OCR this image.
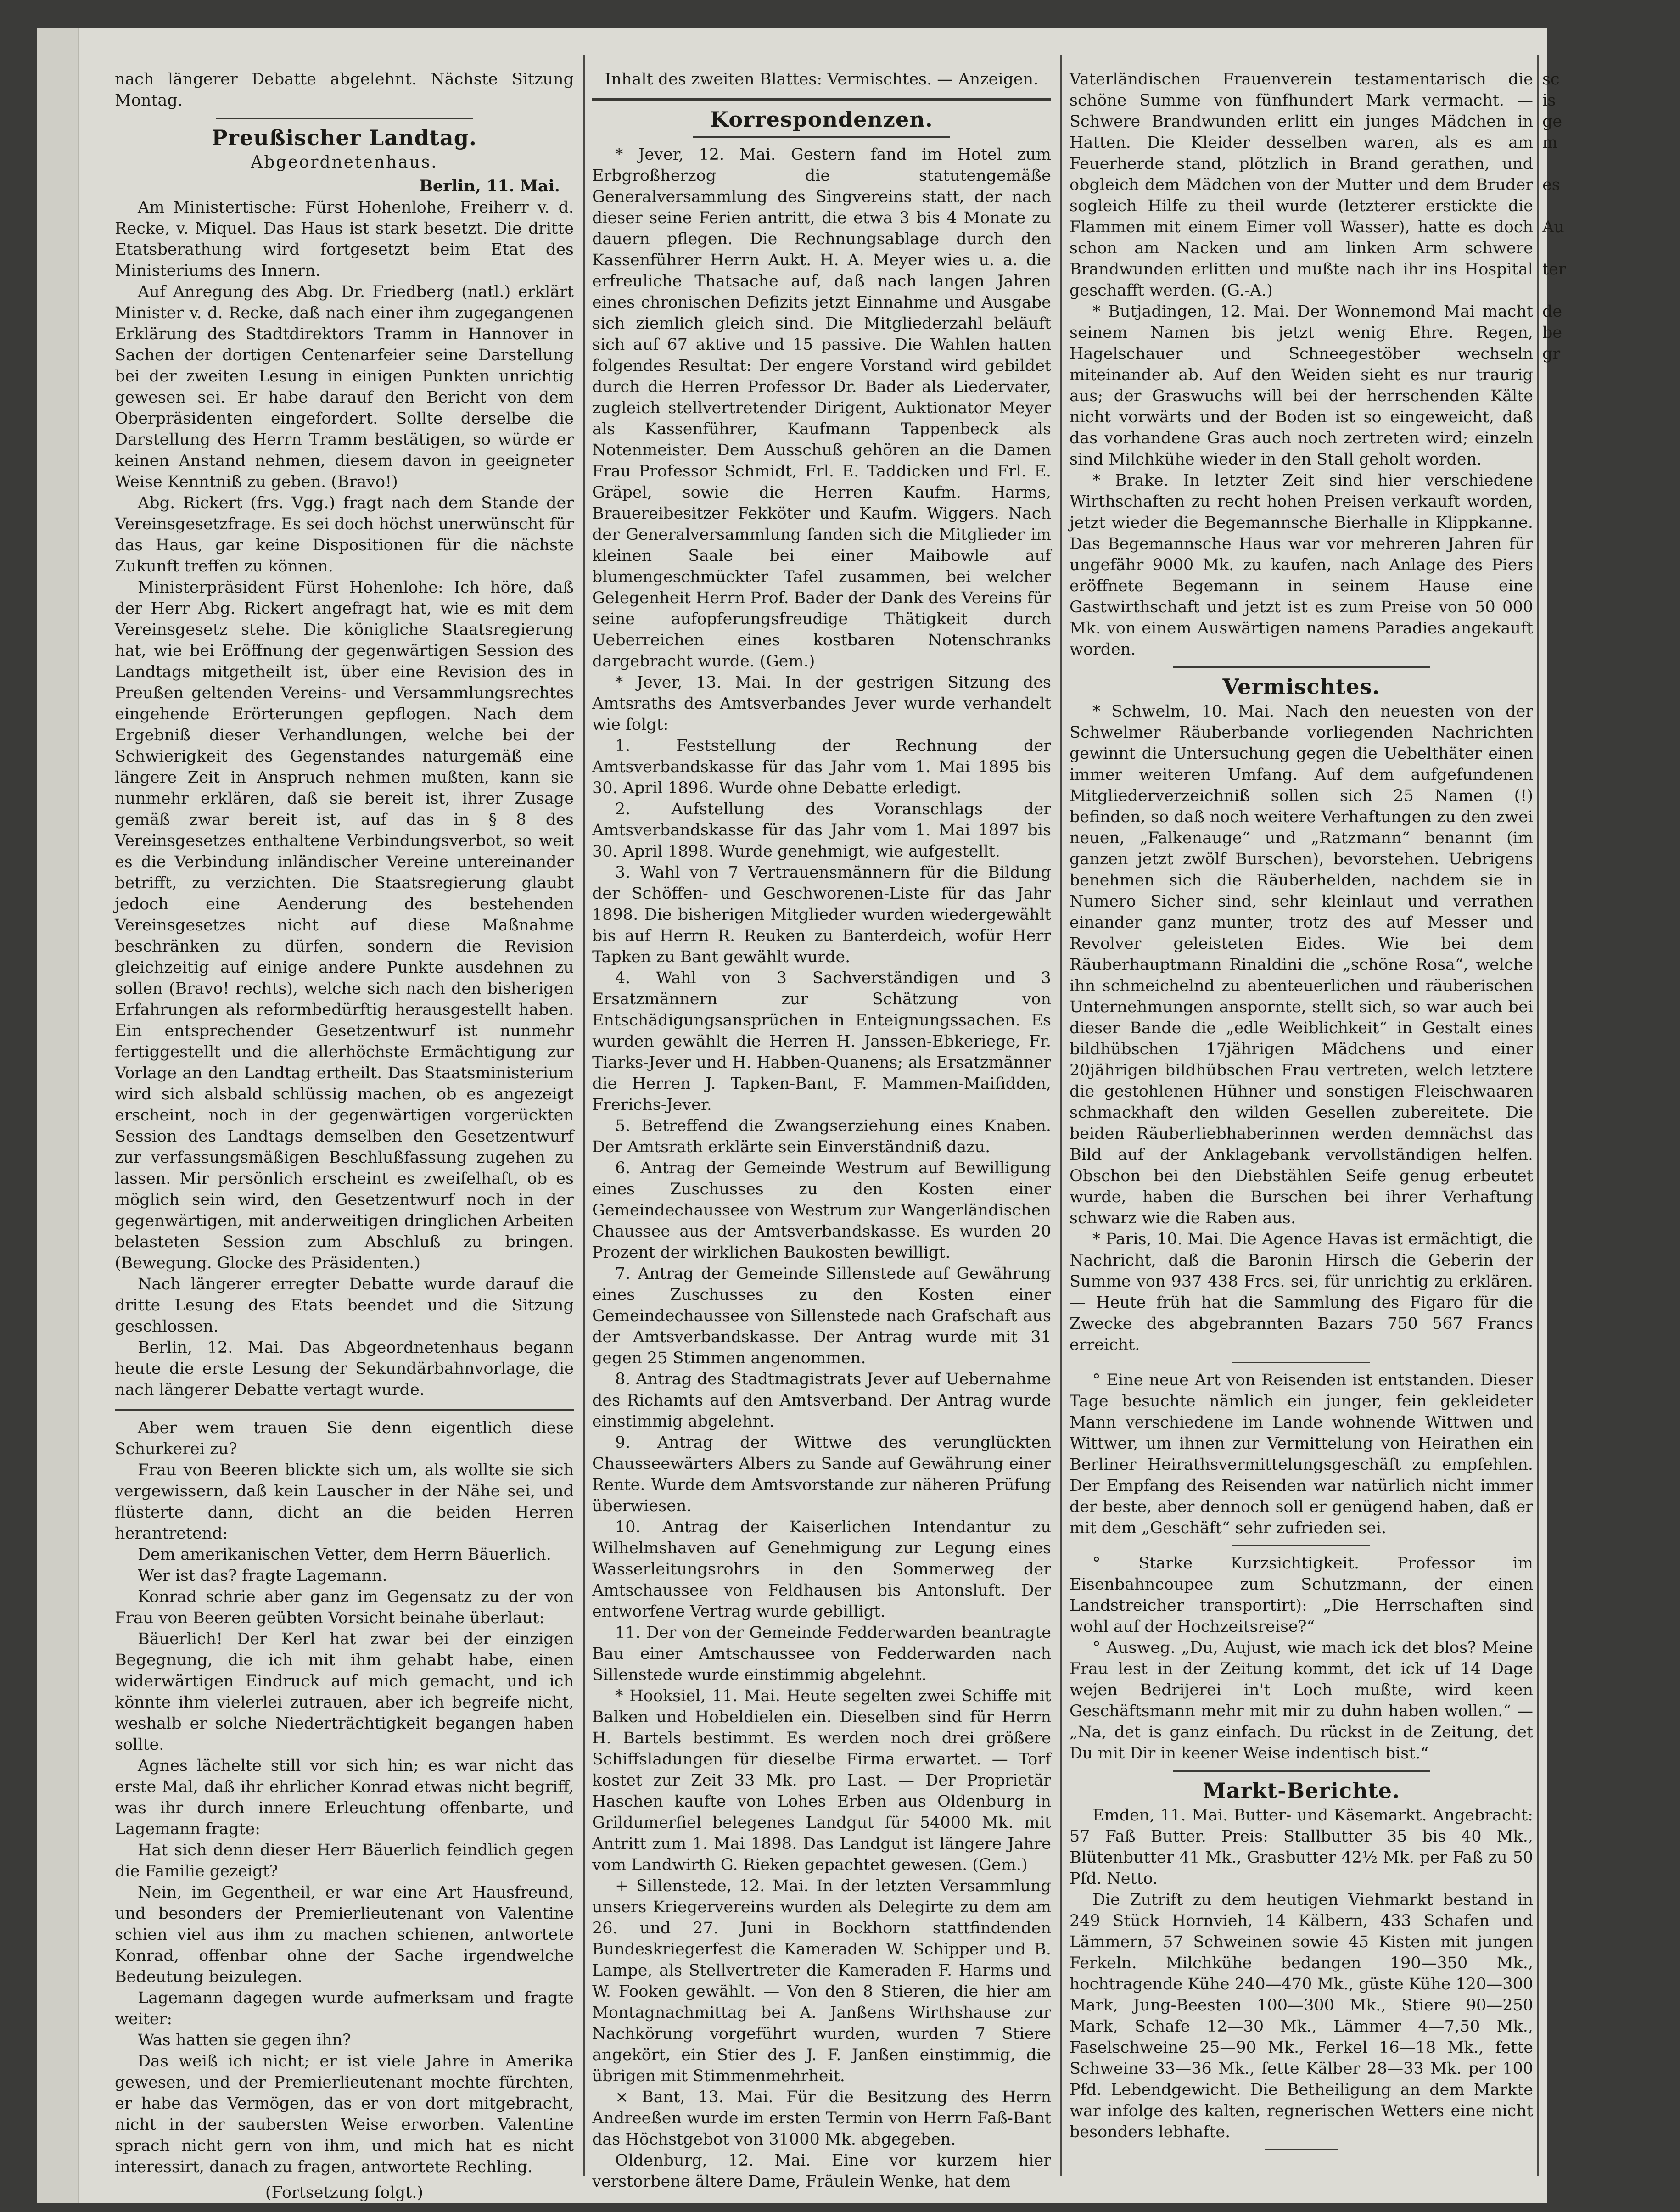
nach längerer Debatte abgelehnt. Nächste Sitzung Montag.

Preußischer Landtag.
Abgeordnetenhaus.

Berlin, 11. Mai.

Am Ministertische: Fürst Hohenlohe, Freiherr v. d. Recke, v. Miquel. Das Haus ist stark besetzt. Die dritte Etatsberathung wird fortgesetzt beim Etat des Ministeriums des Innern.

Auf Anregung des Abg. Dr. Friedberg (natl.) erklärt Minister v. d. Recke, daß nach einer ihm zugegangenen Erklärung des Stadtdirektors Tramm in Hannover in Sachen der dortigen Centenarfeier seine Darstellung bei der zweiten Lesung in einigen Punkten unrichtig gewesen sei. Er habe darauf den Bericht von dem Oberpräsidenten eingefordert. Sollte derselbe die Darstellung des Herrn Tramm bestätigen, so würde er keinen Anstand nehmen, diesem davon in geeigneter Weise Kenntniß zu geben. (Bravo!)

Abg. Rickert (frs. Vgg.) fragt nach dem Stande der Vereinsgesetzfrage. Es sei doch höchst unerwünscht für das Haus, gar keine Dispositionen für die nächste Zukunft treffen zu können.

Ministerpräsident Fürst Hohenlohe: Ich höre, daß der Herr Abg. Rickert angefragt hat, wie es mit dem Vereinsgesetz stehe. Die königliche Staatsregierung hat, wie bei Eröffnung der gegenwärtigen Session des Landtags mitgetheilt ist, über eine Revision des in Preußen geltenden Vereins- und Versammlungsrechtes eingehende Erörterungen gepflogen. Nach dem Ergebniß dieser Verhandlungen, welche bei der Schwierigkeit des Gegenstandes naturgemäß eine längere Zeit in Anspruch nehmen mußten, kann sie nunmehr erklären, daß sie bereit ist, ihrer Zusage gemäß zwar bereit ist, auf das in § 8 des Vereinsgesetzes enthaltene Verbindungsverbot, so weit es die Verbindung inländischer Vereine untereinander betrifft, zu verzichten. Die Staatsregierung glaubt jedoch eine Aenderung des bestehenden Vereinsgesetzes nicht auf diese Maßnahme beschränken zu dürfen, sondern die Revision gleichzeitig auf einige andere Punkte ausdehnen zu sollen (Bravo! rechts), welche sich nach den bisherigen Erfahrungen als reformbedürftig herausgestellt haben. Ein entsprechender Gesetzentwurf ist nunmehr fertiggestellt und die allerhöchste Ermächtigung zur Vorlage an den Landtag ertheilt. Das Staatsministerium wird sich alsbald schlüssig machen, ob es angezeigt erscheint, noch in der gegenwärtigen vorgerückten Session des Landtags demselben den Gesetzentwurf zur verfassungsmäßigen Beschlußfassung zugehen zu lassen. Mir persönlich erscheint es zweifelhaft, ob es möglich sein wird, den Gesetzentwurf noch in der gegenwärtigen, mit anderweitigen dringlichen Arbeiten belasteten Session zum Abschluß zu bringen. (Bewegung. Glocke des Präsidenten.)

Nach längerer erregter Debatte wurde darauf die dritte Lesung des Etats beendet und die Sitzung geschlossen.

Berlin, 12. Mai. Das Abgeordnetenhaus begann heute die erste Lesung der Sekundärbahnvorlage, die nach längerer Debatte vertagt wurde.

Aber wem trauen Sie denn eigentlich diese Schurkerei zu?

Frau von Beeren blickte sich um, als wollte sie sich vergewissern, daß kein Lauscher in der Nähe sei, und flüsterte dann, dicht an die beiden Herren herantretend:

Dem amerikanischen Vetter, dem Herrn Bäuerlich.

Wer ist das? fragte Lagemann.

Konrad schrie aber ganz im Gegensatz zu der von Frau von Beeren geübten Vorsicht beinahe überlaut:

Bäuerlich! Der Kerl hat zwar bei der einzigen Begegnung, die ich mit ihm gehabt habe, einen widerwärtigen Eindruck auf mich gemacht, und ich könnte ihm vielerlei zutrauen, aber ich begreife nicht, weshalb er solche Niederträchtigkeit begangen haben sollte.

Agnes lächelte still vor sich hin; es war nicht das erste Mal, daß ihr ehrlicher Konrad etwas nicht begriff, was ihr durch innere Erleuchtung offenbarte, und Lagemann fragte:

Hat sich denn dieser Herr Bäuerlich feindlich gegen die Familie gezeigt?

Nein, im Gegentheil, er war eine Art Hausfreund, und besonders der Premierlieutenant von Valentine schien viel aus ihm zu machen schienen, antwortete Konrad, offenbar ohne der Sache irgendwelche Bedeutung beizulegen.

Lagemann dagegen wurde aufmerksam und fragte weiter:

Was hatten sie gegen ihn?

Das weiß ich nicht; er ist viele Jahre in Amerika gewesen, und der Premierlieutenant mochte fürchten, er habe das Vermögen, das er von dort mitgebracht, nicht in der saubersten Weise erworben. Valentine sprach nicht gern von ihm, und mich hat es nicht interessirt, danach zu fragen, antwortete Rechling.

(Fortsetzung folgt.)

Inhalt des zweiten Blattes: Vermischtes. — Anzeigen.

Korrespondenzen.

* Jever, 12. Mai. Gestern fand im Hotel zum Erbgroßherzog die statutengemäße Generalversammlung des Singvereins statt, der nach dieser seine Ferien antritt, die etwa 3 bis 4 Monate zu dauern pflegen. Die Rechnungsablage durch den Kassenführer Herrn Aukt. H. A. Meyer wies u. a. die erfreuliche Thatsache auf, daß nach langen Jahren eines chronischen Defizits jetzt Einnahme und Ausgabe sich ziemlich gleich sind. Die Mitgliederzahl beläuft sich auf 67 aktive und 15 passive. Die Wahlen hatten folgendes Resultat: Der engere Vorstand wird gebildet durch die Herren Professor Dr. Bader als Liedervater, zugleich stellvertretender Dirigent, Auktionator Meyer als Kassenführer, Kaufmann Tappenbeck als Notenmeister. Dem Ausschuß gehören an die Damen Frau Professor Schmidt, Frl. E. Taddicken und Frl. E. Gräpel, sowie die Herren Kaufm. Harms, Brauereibesitzer Fekköter und Kaufm. Wiggers. Nach der Generalversammlung fanden sich die Mitglieder im kleinen Saale bei einer Maibowle auf blumengeschmückter Tafel zusammen, bei welcher Gelegenheit Herrn Prof. Bader der Dank des Vereins für seine aufopferungsfreudige Thätigkeit durch Ueberreichen eines kostbaren Notenschranks dargebracht wurde. (Gem.)

* Jever, 13. Mai. In der gestrigen Sitzung des Amtsraths des Amtsverbandes Jever wurde verhandelt wie folgt:

1. Feststellung der Rechnung der Amtsverbandskasse für das Jahr vom 1. Mai 1895 bis 30. April 1896. Wurde ohne Debatte erledigt.

2. Aufstellung des Voranschlags der Amtsverbandskasse für das Jahr vom 1. Mai 1897 bis 30. April 1898. Wurde genehmigt, wie aufgestellt.

3. Wahl von 7 Vertrauensmännern für die Bildung der Schöffen- und Geschworenen-Liste für das Jahr 1898. Die bisherigen Mitglieder wurden wiedergewählt bis auf Herrn R. Reuken zu Banterdeich, wofür Herr Tapken zu Bant gewählt wurde.

4. Wahl von 3 Sachverständigen und 3 Ersatzmännern zur Schätzung von Entschädigungsansprüchen in Enteignungssachen. Es wurden gewählt die Herren H. Janssen-Ebkeriege, Fr. Tiarks-Jever und H. Habben-Quanens; als Ersatzmänner die Herren J. Tapken-Bant, F. Mammen-Maifidden, Frerichs-Jever.

5. Betreffend die Zwangserziehung eines Knaben. Der Amtsrath erklärte sein Einverständniß dazu.

6. Antrag der Gemeinde Westrum auf Bewilligung eines Zuschusses zu den Kosten einer Gemeindechaussee von Westrum zur Wangerländischen Chaussee aus der Amtsverbandskasse. Es wurden 20 Prozent der wirklichen Baukosten bewilligt.

7. Antrag der Gemeinde Sillenstede auf Gewährung eines Zuschusses zu den Kosten einer Gemeindechaussee von Sillenstede nach Grafschaft aus der Amtsverbandskasse. Der Antrag wurde mit 31 gegen 25 Stimmen angenommen.

8. Antrag des Stadtmagistrats Jever auf Uebernahme des Richamts auf den Amtsverband. Der Antrag wurde einstimmig abgelehnt.

9. Antrag der Wittwe des verunglückten Chausseewärters Albers zu Sande auf Gewährung einer Rente. Wurde dem Amtsvorstande zur näheren Prüfung überwiesen.

10. Antrag der Kaiserlichen Intendantur zu Wilhelmshaven auf Genehmigung zur Legung eines Wasserleitungsrohrs in den Sommerweg der Amtschaussee von Feldhausen bis Antonsluft. Der entworfene Vertrag wurde gebilligt.

11. Der von der Gemeinde Fedderwarden beantragte Bau einer Amtschaussee von Fedderwarden nach Sillenstede wurde einstimmig abgelehnt.

* Hooksiel, 11. Mai. Heute segelten zwei Schiffe mit Balken und Hobeldielen ein. Dieselben sind für Herrn H. Bartels bestimmt. Es werden noch drei größere Schiffsladungen für dieselbe Firma erwartet. — Torf kostet zur Zeit 33 Mk. pro Last. — Der Proprietär Haschen kaufte von Lohes Erben aus Oldenburg in Grildumerfiel belegenes Landgut für 54000 Mk. mit Antritt zum 1. Mai 1898. Das Landgut ist längere Jahre vom Landwirth G. Rieken gepachtet gewesen. (Gem.)

+ Sillenstede, 12. Mai. In der letzten Versammlung unsers Kriegervereins wurden als Delegirte zu dem am 26. und 27. Juni in Bockhorn stattfindenden Bundeskriegerfest die Kameraden W. Schipper und B. Lampe, als Stellvertreter die Kameraden F. Harms und W. Fooken gewählt. — Von den 8 Stieren, die hier am Montagnachmittag bei A. Janßens Wirthshause zur Nachkörung vorgeführt wurden, wurden 7 Stiere angekört, ein Stier des J. F. Janßen einstimmig, die übrigen mit Stimmenmehrheit.

× Bant, 13. Mai. Für die Besitzung des Herrn Andreeßen wurde im ersten Termin von Herrn Faß-Bant das Höchstgebot von 31000 Mk. abgegeben.

Oldenburg, 12. Mai. Eine vor kurzem hier verstorbene ältere Dame, Fräulein Wenke, hat dem

Vaterländischen Frauenverein testamentarisch die schöne Summe von fünfhundert Mark vermacht. — Schwere Brandwunden erlitt ein junges Mädchen in Hatten. Die Kleider desselben waren, als es am Feuerherde stand, plötzlich in Brand gerathen, und obgleich dem Mädchen von der Mutter und dem Bruder sogleich Hilfe zu theil wurde (letzterer erstickte die Flammen mit einem Eimer voll Wasser), hatte es doch schon am Nacken und am linken Arm schwere Brandwunden erlitten und mußte nach ihr ins Hospital geschafft werden. (G.-A.)

* Butjadingen, 12. Mai. Der Wonnemond Mai macht seinem Namen bis jetzt wenig Ehre. Regen, Hagelschauer und Schneegestöber wechseln miteinander ab. Auf den Weiden sieht es nur traurig aus; der Graswuchs will bei der herrschenden Kälte nicht vorwärts und der Boden ist so eingeweicht, daß das vorhandene Gras auch noch zertreten wird; einzeln sind Milchkühe wieder in den Stall geholt worden.

* Brake. In letzter Zeit sind hier verschiedene Wirthschaften zu recht hohen Preisen verkauft worden, jetzt wieder die Begemannsche Bierhalle in Klippkanne. Das Begemannsche Haus war vor mehreren Jahren für ungefähr 9000 Mk. zu kaufen, nach Anlage des Piers eröffnete Begemann in seinem Hause eine Gastwirthschaft und jetzt ist es zum Preise von 50 000 Mk. von einem Auswärtigen namens Paradies angekauft worden.

Vermischtes.

* Schwelm, 10. Mai. Nach den neuesten von der Schwelmer Räuberbande vorliegenden Nachrichten gewinnt die Untersuchung gegen die Uebelthäter einen immer weiteren Umfang. Auf dem aufgefundenen Mitgliederverzeichniß sollen sich 25 Namen (!) befinden, so daß noch weitere Verhaftungen zu den zwei neuen, „Falkenauge“ und „Ratzmann“ benannt (im ganzen jetzt zwölf Burschen), bevorstehen. Uebrigens benehmen sich die Räuberhelden, nachdem sie in Numero Sicher sind, sehr kleinlaut und verrathen einander ganz munter, trotz des auf Messer und Revolver geleisteten Eides. Wie bei dem Räuberhauptmann Rinaldini die „schöne Rosa“, welche ihn schmeichelnd zu abenteuerlichen und räuberischen Unternehmungen anspornte, stellt sich, so war auch bei dieser Bande die „edle Weiblichkeit“ in Gestalt eines bildhübschen 17jährigen Mädchens und einer 20jährigen bildhübschen Frau vertreten, welch letztere die gestohlenen Hühner und sonstigen Fleischwaaren schmackhaft den wilden Gesellen zubereitete. Die beiden Räuberliebhaberinnen werden demnächst das Bild auf der Anklagebank vervollständigen helfen. Obschon bei den Diebstählen Seife genug erbeutet wurde, haben die Burschen bei ihrer Verhaftung schwarz wie die Raben aus.

* Paris, 10. Mai. Die Agence Havas ist ermächtigt, die Nachricht, daß die Baronin Hirsch die Geberin der Summe von 937 438 Frcs. sei, für unrichtig zu erklären. — Heute früh hat die Sammlung des Figaro für die Zwecke des abgebrannten Bazars 750 567 Francs erreicht.

° Eine neue Art von Reisenden ist entstanden. Dieser Tage besuchte nämlich ein junger, fein gekleideter Mann verschiedene im Lande wohnende Wittwen und Wittwer, um ihnen zur Vermittelung von Heirathen ein Berliner Heirathsvermittelungsgeschäft zu empfehlen. Der Empfang des Reisenden war natürlich nicht immer der beste, aber dennoch soll er genügend haben, daß er mit dem „Geschäft“ sehr zufrieden sei.

° Starke Kurzsichtigkeit. Professor im Eisenbahncoupee zum Schutzmann, der einen Landstreicher transportirt): „Die Herrschaften sind wohl auf der Hochzeitsreise?“

° Ausweg. „Du, Aujust, wie mach ick det blos? Meine Frau lest in der Zeitung kommt, det ick uf 14 Dage wejen Bedrijerei in't Loch mußte, wird keen Geschäftsmann mehr mit mir zu duhn haben wollen.“ — „Na, det is ganz einfach. Du rückst in de Zeitung, det Du mit Dir in keener Weise indentisch bist.“

Markt-Berichte.

Emden, 11. Mai. Butter- und Käsemarkt. Angebracht: 57 Faß Butter. Preis: Stallbutter 35 bis 40 Mk., Blütenbutter 41 Mk., Grasbutter 42½ Mk. per Faß zu 50 Pfd. Netto.

Die Zutrift zu dem heutigen Viehmarkt bestand in 249 Stück Hornvieh, 14 Kälbern, 433 Schafen und Lämmern, 57 Schweinen sowie 45 Kisten mit jungen Ferkeln. Milchkühe bedangen 190—350 Mk., hochtragende Kühe 240—470 Mk., güste Kühe 120—300 Mark, Jung-Beesten 100—300 Mk., Stiere 90—250 Mark, Schafe 12—30 Mk., Lämmer 4—7,50 Mk., Faselschweine 25—90 Mk., Ferkel 16—18 Mk., fette Schweine 33—36 Mk., fette Kälber 28—33 Mk. per 100 Pfd. Lebendgewicht. Die Betheiligung an dem Markte war infolge des kalten, regnerischen Wetters eine nicht besonders lebhafte.

sc
is
ge
m

es

Au

ter

de
be
gr
